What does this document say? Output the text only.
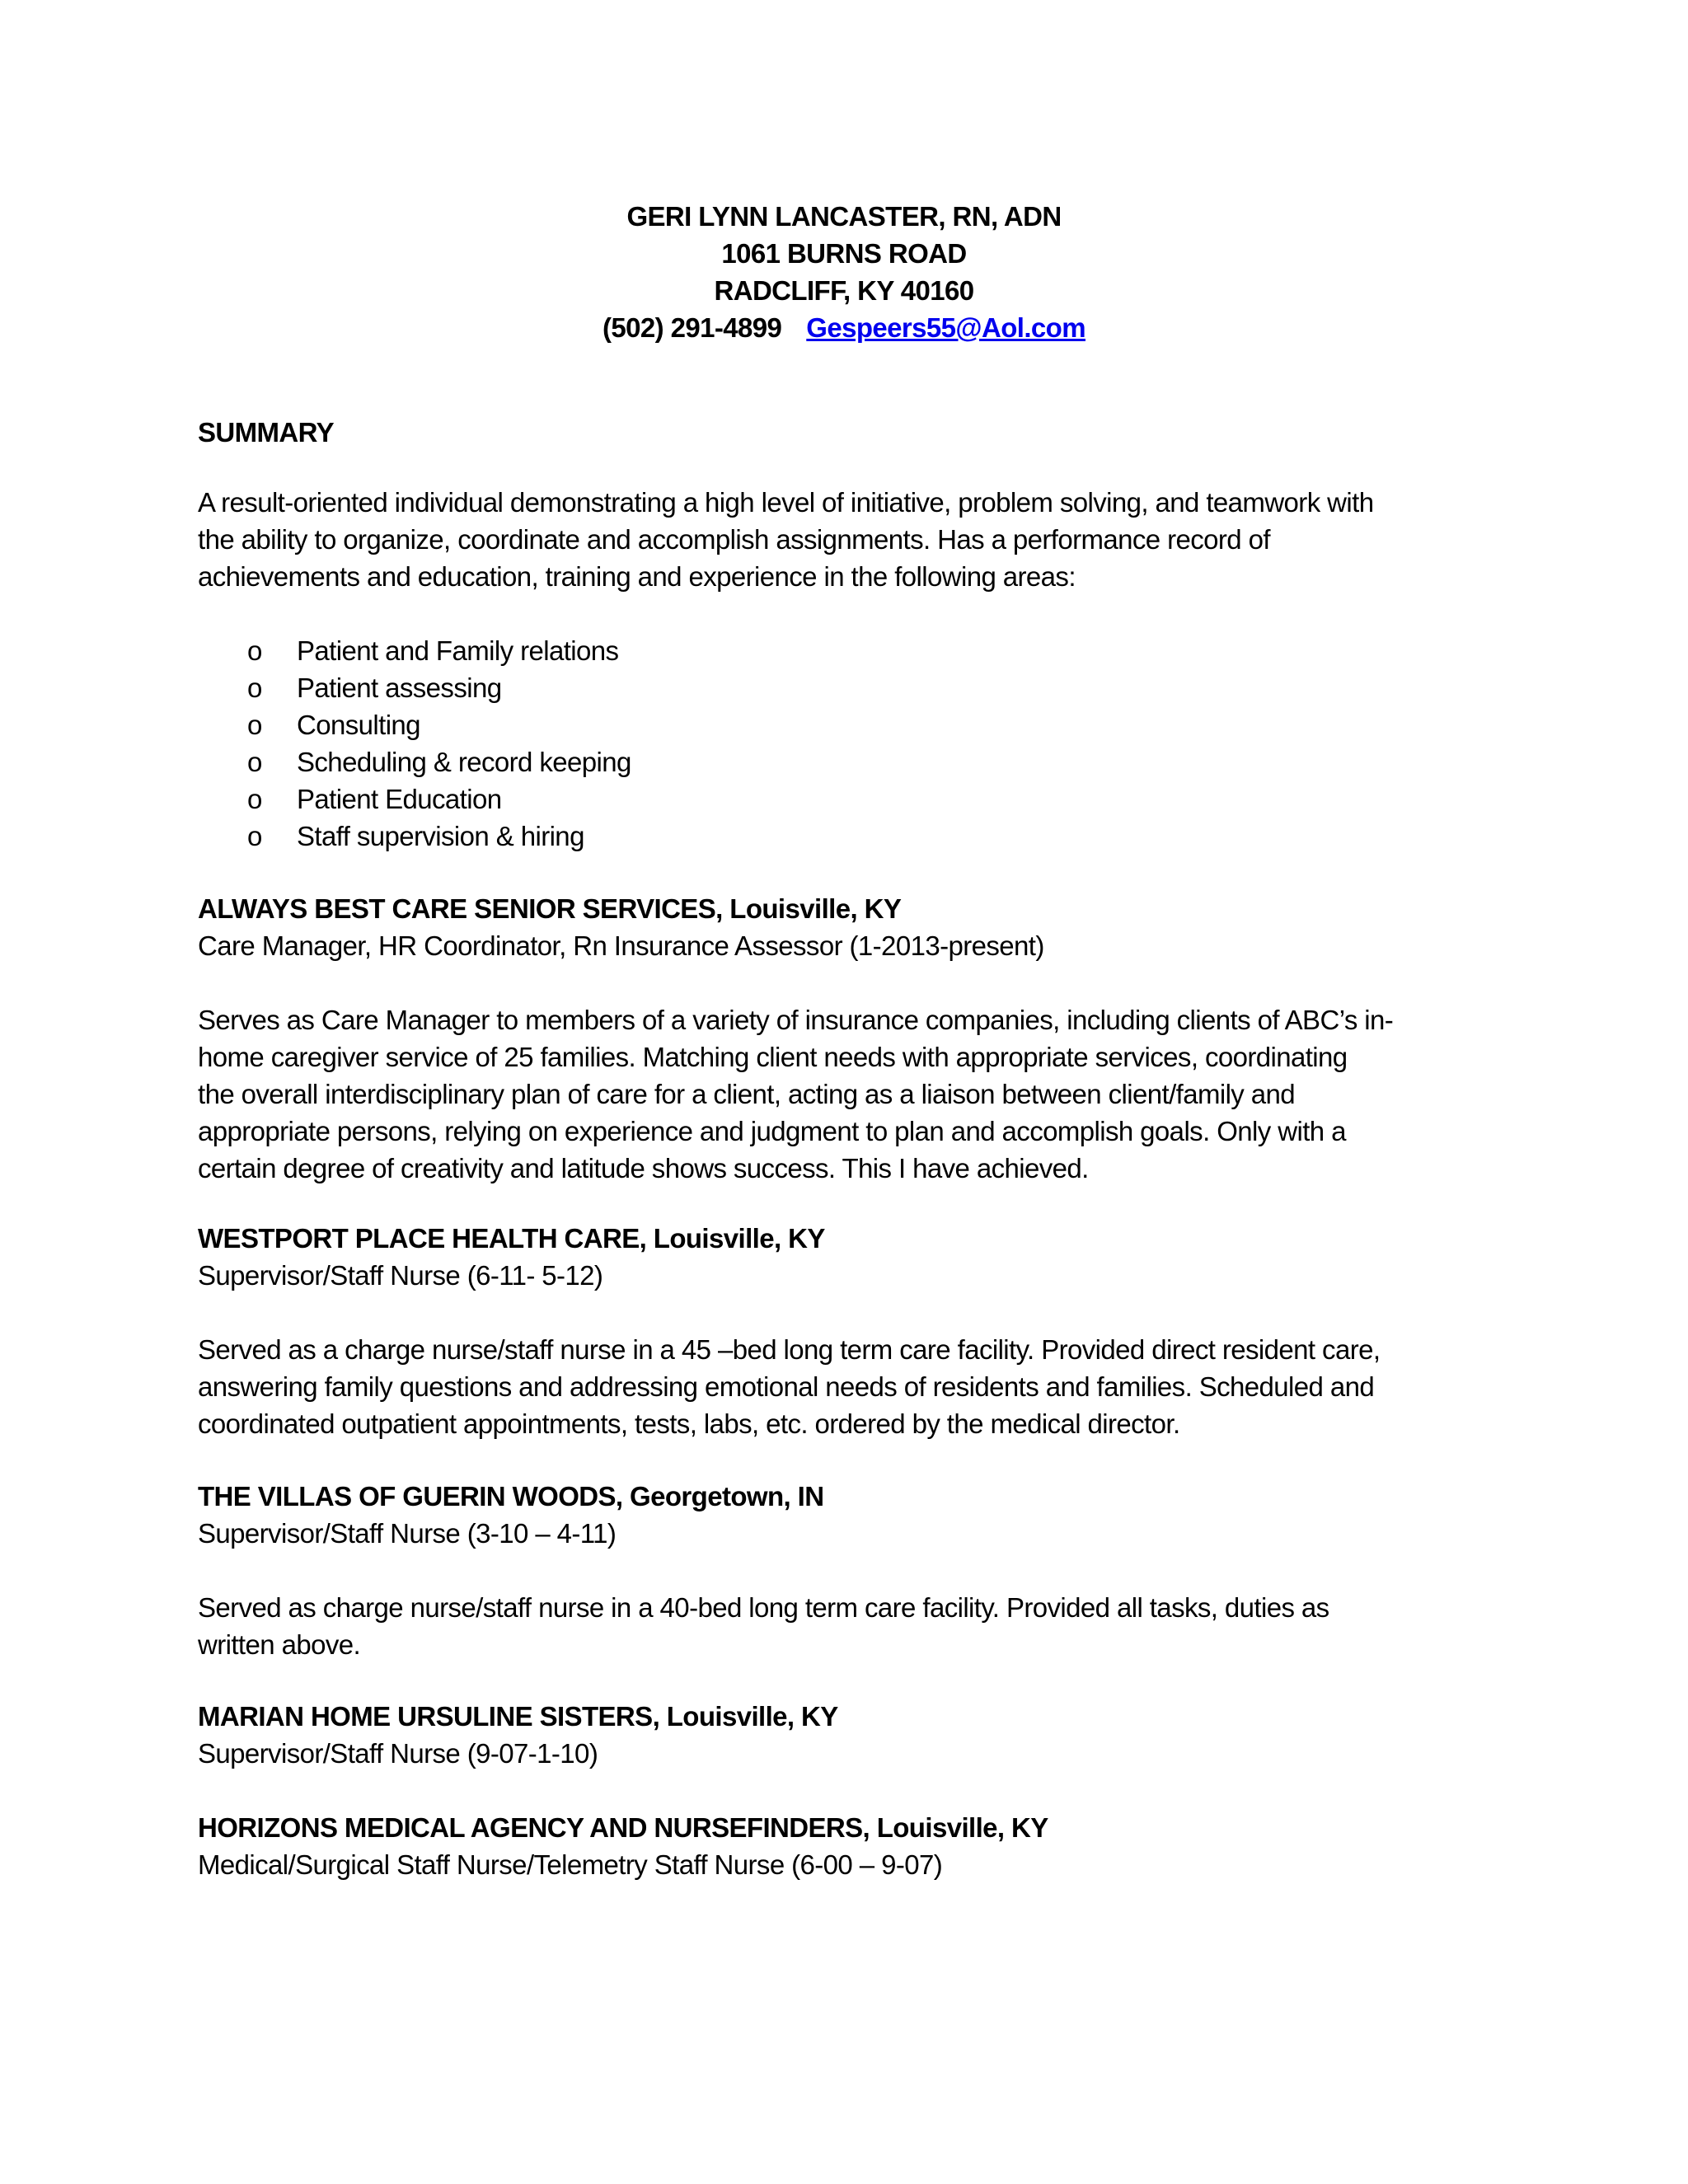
GERI LYNN LANCASTER, RN, ADN
1061 BURNS ROAD
RADCLIFF, KY 40160
(502) 291-4899 Gespeers55@Aol.com
SUMMARY
A result-oriented individual demonstrating a high level of initiative, problem solving, and teamwork with
the ability to organize, coordinate and accomplish assignments. Has a performance record of
achievements and education, training and experience in the following areas:
o Patient and Family relations
o Patient assessing
o Consulting
o Scheduling & record keeping
o Patient Education
o Staff supervision & hiring
ALWAYS BEST CARE SENIOR SERVICES, Louisville, KY
Care Manager, HR Coordinator, Rn Insurance Assessor (1-2013-present)
Serves as Care Manager to members of a variety of insurance companies, including clients of ABC’s in-
home caregiver service of 25 families. Matching client needs with appropriate services, coordinating
the overall interdisciplinary plan of care for a client, acting as a liaison between client/family and
appropriate persons, relying on experience and judgment to plan and accomplish goals. Only with a
certain degree of creativity and latitude shows success. This I have achieved.
WESTPORT PLACE HEALTH CARE, Louisville, KY
Supervisor/Staff Nurse (6-11- 5-12)
Served as a charge nurse/staff nurse in a 45 –bed long term care facility. Provided direct resident care,
answering family questions and addressing emotional needs of residents and families. Scheduled and
coordinated outpatient appointments, tests, labs, etc. ordered by the medical director.
THE VILLAS OF GUERIN WOODS, Georgetown, IN
Supervisor/Staff Nurse (3-10 – 4-11)
Served as charge nurse/staff nurse in a 40-bed long term care facility. Provided all tasks, duties as
written above.
MARIAN HOME URSULINE SISTERS, Louisville, KY
Supervisor/Staff Nurse (9-07-1-10)
HORIZONS MEDICAL AGENCY AND NURSEFINDERS, Louisville, KY
Medical/Surgical Staff Nurse/Telemetry Staff Nurse (6-00 – 9-07)
